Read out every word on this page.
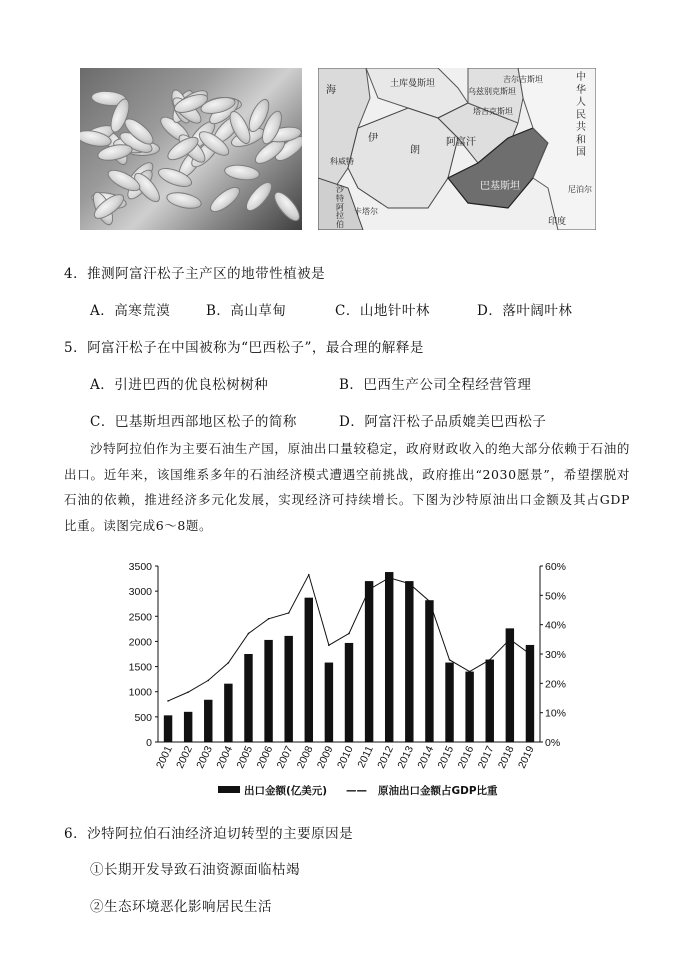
中华人民共和国
海
伊
朗
阿富汗
巴基斯坦
沙特阿拉伯
科威特
卡塔尔
土库曼斯坦
塔吉克斯坦
吉尔吉斯坦
乌兹别克斯坦
尼泊尔
印度
4．推测阿富汗松子主产区的地带性植被是
A．高寒荒漠	B．高山草甸	C．山地针叶林	D．落叶阔叶林
5．阿富汗松子在中国被称为“巴西松子”，最合理的解释是
A．引进巴西的优良松树树种	B．巴西生产公司全程经营管理
C．巴基斯坦西部地区松子的简称	D．阿富汗松子品质媲美巴西松子
沙特阿拉伯作为主要石油生产国，原油出口量较稳定，政府财政收入的绝大部分依赖于石油的出口。近年来，该国维系多年的石油经济模式遭遇空前挑战，政府推出“2030愿景”，希望摆脱对石油的依赖，推进经济多元化发展，实现经济可持续增长。下图为沙特原油出口金额及其占GDP比重。读图完成6～8题。
0
500
1000
1500
2000
2500
3000
3500
0%
10%
20%
30%
40%
50%
60%
2001 2002 2003 2004 2005 2006 2007 2008 2009 2010 2011 2012 2013 2014 2015 2016 2017 2018 2019
出口金额(亿美元) —— 原油出口金额占GDP比重
6．沙特阿拉伯石油经济迫切转型的主要原因是
①长期开发导致石油资源面临枯竭
②生态环境恶化影响居民生活
